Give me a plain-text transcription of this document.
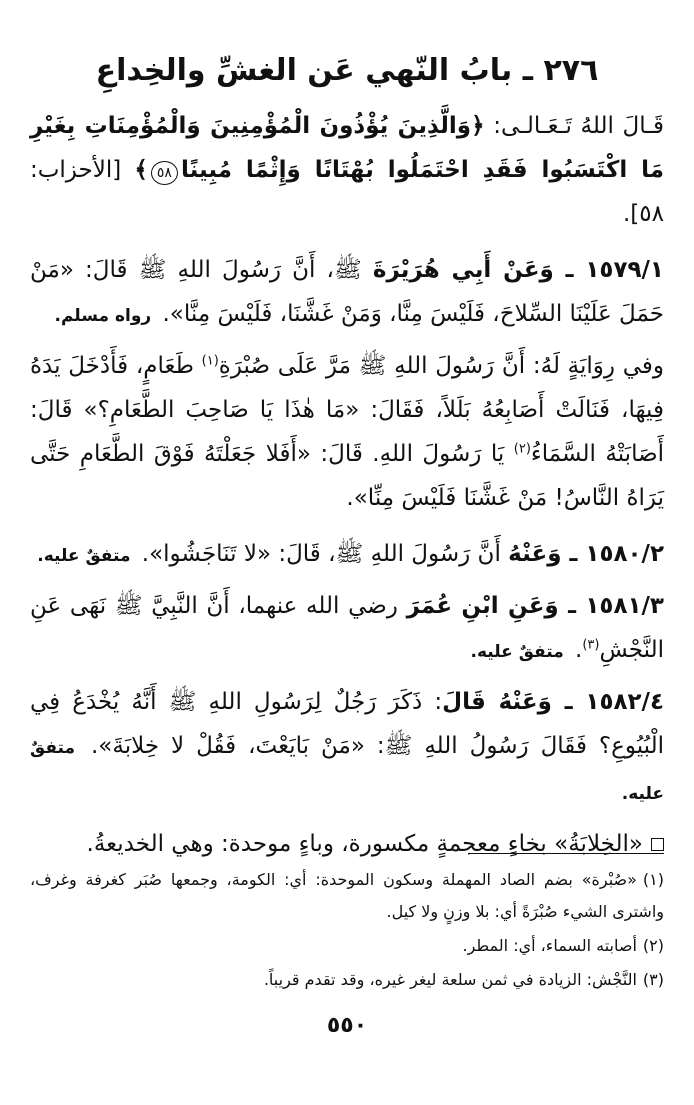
٢٧٦ ـ بابُ النّهي عَن الغشِّ والخِداعِ

قَـالَ اللهُ تَـعَـالـى: ﴿وَالَّذِينَ يُؤْذُونَ الْمُؤْمِنِينَ وَالْمُؤْمِنَاتِ بِغَيْرِ مَا اكْتَسَبُوا فَقَدِ احْتَمَلُوا بُهْتَانًا وَإِثْمًا مُبِينًا٥٨﴾ [الأحزاب: ٥٨].

١٥٧٩/١ ـ وَعَنْ أَبِي هُرَيْرَةَ ﷺ، أَنَّ رَسُولَ اللهِ ﷺ قَالَ: «مَنْ حَمَلَ عَلَيْنَا السِّلاحَ، فَلَيْسَ مِنَّا، وَمَنْ غَشَّنَا، فَلَيْسَ مِنَّا». رواه مسلم.

وفي رِوَايَةٍ لَهُ: أَنَّ رَسُولَ اللهِ ﷺ مَرَّ عَلَى صُبْرَةِ$^{(١)}$ طَعَامٍ، فَأَدْخَلَ يَدَهُ فِيهَا، فَنَالَتْ أَصَابِعُهُ بَلَلاً، فَقَالَ: «مَا هٰذَا يَا صَاحِبَ الطَّعَامِ؟» قَالَ: أَصَابَتْهُ السَّمَاءُ$^{(٢)}$ يَا رَسُولَ اللهِ. قَالَ: «أَفَلا جَعَلْتَهُ فَوْقَ الطَّعَامِ حَتَّى يَرَاهُ النَّاسُ! مَنْ غَشَّنَا فَلَيْسَ مِنِّا».

١٥٨٠/٢ ـ وَعَنْهُ أَنَّ رَسُولَ اللهِ ﷺ، قَالَ: «لا تَنَاجَشُوا». متفقٌ عليه.

١٥٨١/٣ ـ وَعَنِ ابْنِ عُمَرَ رضي الله عنهما، أَنَّ النَّبِيَّ ﷺ نَهَى عَنِ النَّجْشِ$^{(٣)}$. متفقٌ عليه.

١٥٨٢/٤ ـ وَعَنْهُ قَالَ: ذَكَرَ رَجُلٌ لِرَسُولِ اللهِ ﷺ أَنَّهُ يُخْدَعُ فِي الْبُيُوعِ؟ فَقَالَ رَسُولُ اللهِ ﷺ: «مَنْ بَايَعْتَ، فَقُلْ لا خِلابَةَ». متفقٌ عليه.

«الخِلابَةُ» بخاءٍ معجمةٍ مكسورة، وباءٍ موحدة: وهي الخديعةُ.

(١)«صُبْرة» بضم الصاد المهملة وسكون الموحدة: أي: الكومة، وجمعها صُبَر كغرفة وغرف، واشترى الشيء صُبْرَةً أي: بلا وزنٍ ولا كيل.

(٢)أصابته السماء، أي: المطر.

(٣)النَّجْش: الزيادة في ثمن سلعة ليغر غيره، وقد تقدم قريباً.

٥٥٠
